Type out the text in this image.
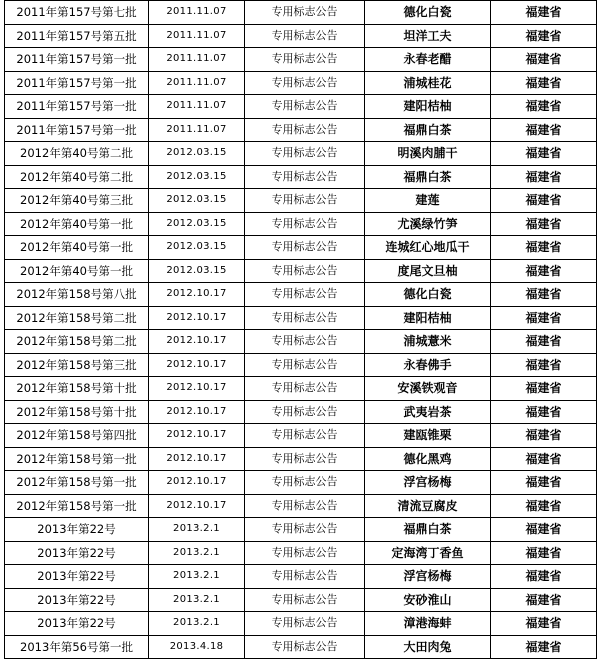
2011年第157号第七批	2011.11.07	专用标志公告	德化白瓷	福建省
2011年第157号第五批	2011.11.07	专用标志公告	坦洋工夫	福建省
2011年第157号第一批	2011.11.07	专用标志公告	永春老醋	福建省
2011年第157号第一批	2011.11.07	专用标志公告	浦城桂花	福建省
2011年第157号第一批	2011.11.07	专用标志公告	建阳桔柚	福建省
2011年第157号第一批	2011.11.07	专用标志公告	福鼎白茶	福建省
2012年第40号第二批	2012.03.15	专用标志公告	明溪肉脯干	福建省
2012年第40号第二批	2012.03.15	专用标志公告	福鼎白茶	福建省
2012年第40号第三批	2012.03.15	专用标志公告	建莲	福建省
2012年第40号第一批	2012.03.15	专用标志公告	尤溪绿竹笋	福建省
2012年第40号第一批	2012.03.15	专用标志公告	连城红心地瓜干	福建省
2012年第40号第一批	2012.03.15	专用标志公告	度尾文旦柚	福建省
2012年第158号第八批	2012.10.17	专用标志公告	德化白瓷	福建省
2012年第158号第二批	2012.10.17	专用标志公告	建阳桔柚	福建省
2012年第158号第二批	2012.10.17	专用标志公告	浦城薏米	福建省
2012年第158号第三批	2012.10.17	专用标志公告	永春佛手	福建省
2012年第158号第十批	2012.10.17	专用标志公告	安溪铁观音	福建省
2012年第158号第十批	2012.10.17	专用标志公告	武夷岩茶	福建省
2012年第158号第四批	2012.10.17	专用标志公告	建瓯锥栗	福建省
2012年第158号第一批	2012.10.17	专用标志公告	德化黑鸡	福建省
2012年第158号第一批	2012.10.17	专用标志公告	浮宫杨梅	福建省
2012年第158号第一批	2012.10.17	专用标志公告	清流豆腐皮	福建省
2013年第22号	2013.2.1	专用标志公告	福鼎白茶	福建省
2013年第22号	2013.2.1	专用标志公告	定海湾丁香鱼	福建省
2013年第22号	2013.2.1	专用标志公告	浮宫杨梅	福建省
2013年第22号	2013.2.1	专用标志公告	安砂淮山	福建省
2013年第22号	2013.2.1	专用标志公告	漳港海蚌	福建省
2013年第56号第一批	2013.4.18	专用标志公告	大田肉兔	福建省
